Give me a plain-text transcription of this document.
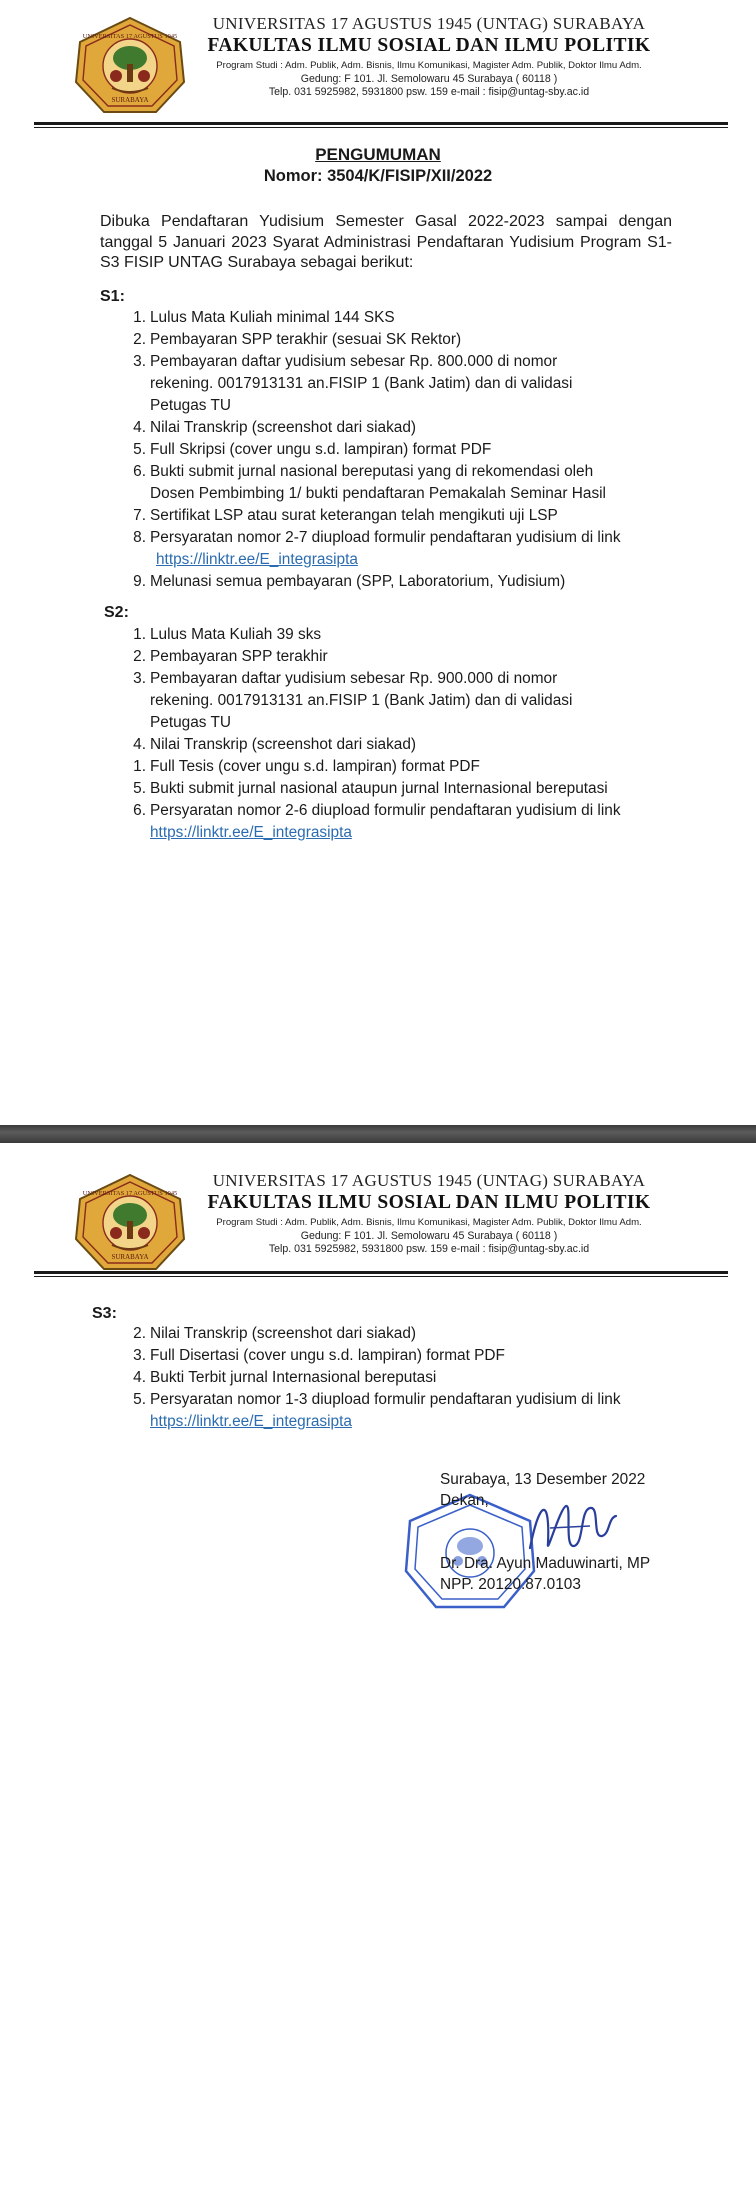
UNIVERSITAS 17 AGUSTUS 1945
SURABAYA
UNIVERSITAS 17 AGUSTUS 1945 (UNTAG) SURABAYA
FAKULTAS ILMU SOSIAL DAN ILMU POLITIK
Program Studi : Adm. Publik, Adm. Bisnis, Ilmu Komunikasi, Magister Adm. Publik, Doktor Ilmu Adm.
Gedung: F 101. Jl. Semolowaru 45 Surabaya ( 60118 )
Telp. 031 5925982, 5931800 psw. 159 e-mail : fisip@untag-sby.ac.id
PENGUMUMAN
Nomor: 3504/K/FISIP/XII/2022
Dibuka Pendaftaran Yudisium Semester Gasal 2022-2023 sampai dengan tanggal 5 Januari 2023 Syarat Administrasi Pendaftaran Yudisium Program S1-S3 FISIP UNTAG Surabaya sebagai berikut:
S1:
1. Lulus Mata Kuliah minimal 144 SKS
2. Pembayaran SPP terakhir (sesuai SK Rektor)
3. Pembayaran daftar yudisium sebesar Rp. 800.000 di nomor
rekening. 0017913131 an.FISIP 1 (Bank Jatim) dan di validasi
Petugas TU
4. Nilai Transkrip (screenshot dari siakad)
5. Full Skripsi (cover ungu s.d. lampiran) format PDF
6. Bukti submit jurnal nasional bereputasi yang di rekomendasi oleh
Dosen Pembimbing 1/ bukti pendaftaran Pemakalah Seminar Hasil
7. Sertifikat LSP atau surat keterangan telah mengikuti uji LSP
8. Persyaratan nomor 2-7 diupload formulir pendaftaran yudisium di link
https://linktr.ee/E_integrasipta
9. Melunasi semua pembayaran (SPP, Laboratorium, Yudisium)
S2:
1. Lulus Mata Kuliah 39 sks
2. Pembayaran SPP terakhir
3. Pembayaran daftar yudisium sebesar Rp. 900.000 di nomor
rekening. 0017913131 an.FISIP 1 (Bank Jatim) dan di validasi
Petugas TU
4. Nilai Transkrip (screenshot dari siakad)
1. Full Tesis (cover ungu s.d. lampiran) format PDF
5. Bukti submit jurnal nasional ataupun jurnal Internasional bereputasi
6. Persyaratan nomor 2-6 diupload formulir pendaftaran yudisium di link
https://linktr.ee/E_integrasipta
UNIVERSITAS 17 AGUSTUS 1945
SURABAYA
UNIVERSITAS 17 AGUSTUS 1945 (UNTAG) SURABAYA
FAKULTAS ILMU SOSIAL DAN ILMU POLITIK
Program Studi : Adm. Publik, Adm. Bisnis, Ilmu Komunikasi, Magister Adm. Publik, Doktor Ilmu Adm.
Gedung: F 101. Jl. Semolowaru 45 Surabaya ( 60118 )
Telp. 031 5925982, 5931800 psw. 159 e-mail : fisip@untag-sby.ac.id
S3:
2. Nilai Transkrip (screenshot dari siakad)
3. Full Disertasi (cover ungu s.d. lampiran) format PDF
4. Bukti Terbit jurnal Internasional bereputasi
5. Persyaratan nomor 1-3 diupload formulir pendaftaran yudisium di link
https://linktr.ee/E_integrasipta
Surabaya, 13 Desember 2022
Dekan,
Dr. Dra. Ayun Maduwinarti, MP
NPP. 20120.87.0103
